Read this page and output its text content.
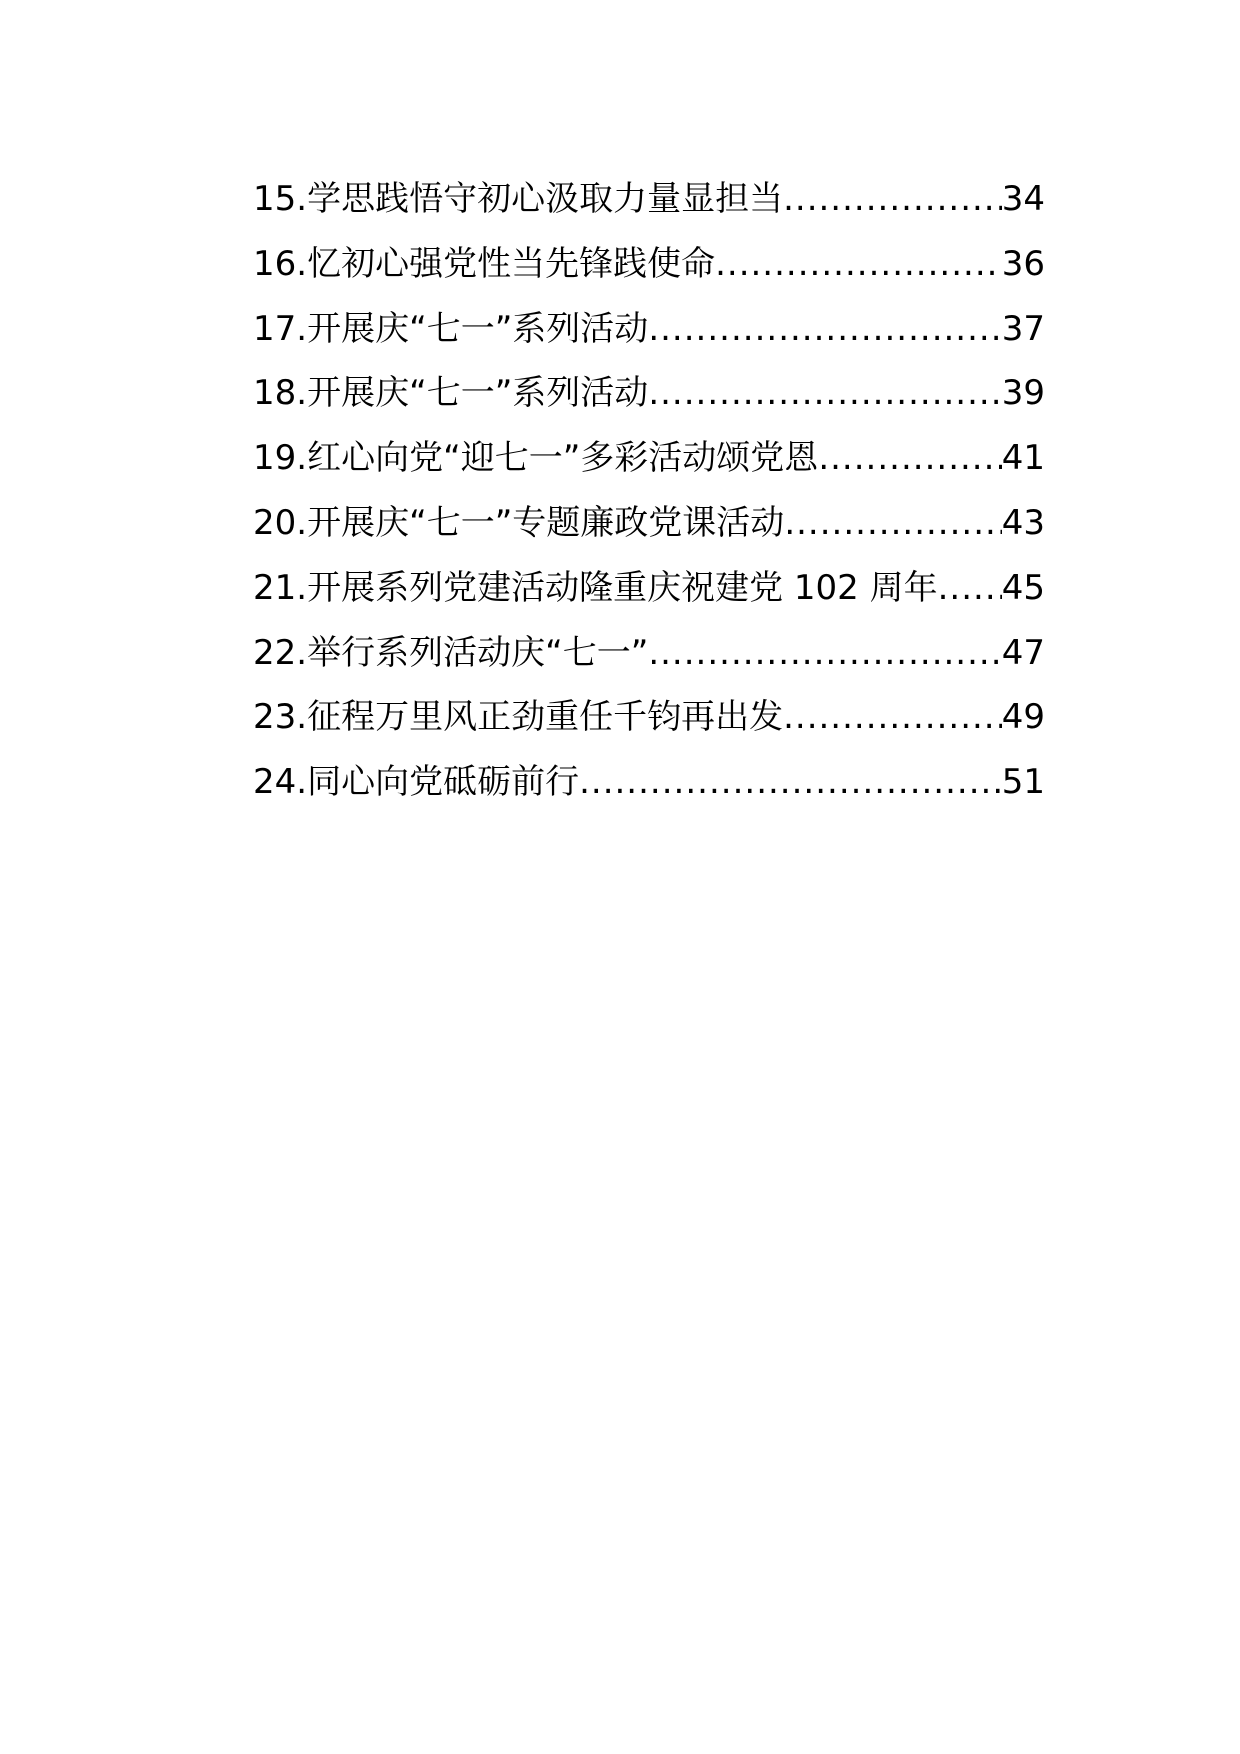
15. 学思践悟守初心汲取力量显担当 .....	34
16. 忆初心强党性当先锋践使命 .....	36
17. 开展庆“七一”系列活动 .....	37
18. 开展庆“七一”系列活动 .....	39
19. 红心向党“迎七一”多彩活动颂党恩 .....	41
20. 开展庆“七一”专题廉政党课活动 .....	43
21. 开展系列党建活动隆重庆祝建党 102 周年 ..... 45
22. 举行系列活动庆“七一” .....	47
23. 征程万里风正劲重任千钧再出发 .....	49
24. 同心向党砥砺前行 .....	51
